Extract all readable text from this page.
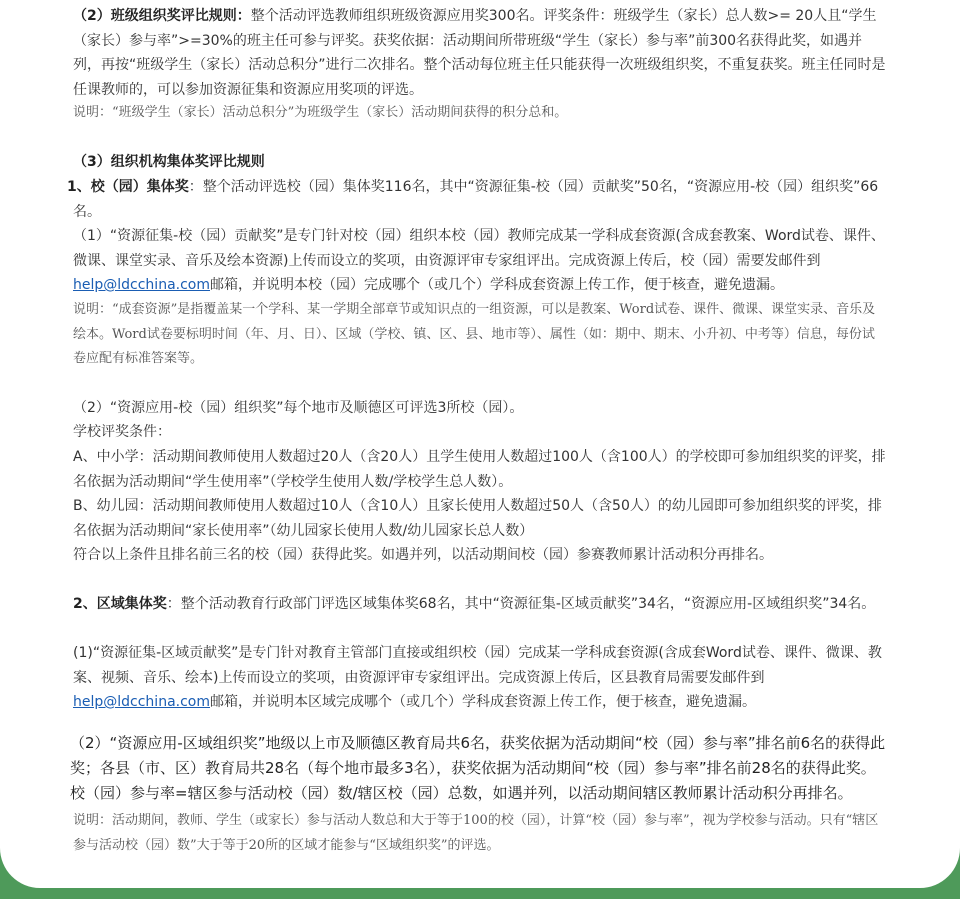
（2）班级组织奖评比规则：整个活动评选教师组织班级资源应用奖300名。评奖条件：班级学生（家长）总人数>= 20人且“学生（家长）参与率”>=30%的班主任可参与评奖。获奖依据：活动期间所带班级“学生（家长）参与率”前300名获得此奖，如遇并列，再按“班级学生（家长）活动总积分”进行二次排名。整个活动每位班主任只能获得一次班级组织奖，不重复获奖。班主任同时是任课教师的，可以参加资源征集和资源应用奖项的评选。

说明：“班级学生（家长）活动总积分”为班级学生（家长）活动期间获得的积分总和。

（3）组织机构集体奖评比规则

1、校（园）集体奖：整个活动评选校（园）集体奖116名，其中“资源征集-校（园）贡献奖”50名，“资源应用-校（园）组织奖”66名。

（1）“资源征集-校（园）贡献奖”是专门针对校（园）组织本校（园）教师完成某一学科成套资源(含成套教案、Word试卷、课件、微课、课堂实录、音乐及绘本资源)上传而设立的奖项，由资源评审专家组评出。完成资源上传后，校（园）需要发邮件到help@ldcchina.com邮箱，并说明本校（园）完成哪个（或几个）学科成套资源上传工作，便于核查，避免遗漏。

说明：“成套资源”是指覆盖某一个学科、某一学期全部章节或知识点的一组资源，可以是教案、Word试卷、课件、微课、课堂实录、音乐及绘本。Word试卷要标明时间（年、月、日）、区域（学校、镇、区、县、地市等）、属性（如：期中、期末、小升初、中考等）信息，每份试卷应配有标准答案等。

（2）“资源应用-校（园）组织奖”每个地市及顺德区可评选3所校（园）。

学校评奖条件：

A、中小学：活动期间教师使用人数超过20人（含20人）且学生使用人数超过100人（含100人）的学校即可参加组织奖的评奖，排名依据为活动期间“学生使用率”（学校学生使用人数/学校学生总人数）。

B、幼儿园：活动期间教师使用人数超过10人（含10人）且家长使用人数超过50人（含50人）的幼儿园即可参加组织奖的评奖，排名依据为活动期间“家长使用率”（幼儿园家长使用人数/幼儿园家长总人数）

符合以上条件且排名前三名的校（园）获得此奖。如遇并列，以活动期间校（园）参赛教师累计活动积分再排名。

2、区域集体奖：整个活动教育行政部门评选区域集体奖68名，其中“资源征集-区域贡献奖”34名，“资源应用-区域组织奖”34名。

(1)“资源征集-区域贡献奖”是专门针对教育主管部门直接或组织校（园）完成某一学科成套资源(含成套Word试卷、课件、微课、教案、视频、音乐、绘本)上传而设立的奖项，由资源评审专家组评出。完成资源上传后，区县教育局需要发邮件到help@ldcchina.com邮箱，并说明本区域完成哪个（或几个）学科成套资源上传工作，便于核查，避免遗漏。

（2）“资源应用-区域组织奖”地级以上市及顺德区教育局共6名，获奖依据为活动期间“校（园）参与率”排名前6名的获得此奖；各县（市、区）教育局共28名（每个地市最多3名），获奖依据为活动期间“校（园）参与率”排名前28名的获得此奖。校（园）参与率=辖区参与活动校（园）数/辖区校（园）总数，如遇并列，以活动期间辖区教师累计活动积分再排名。

说明：活动期间，教师、学生（或家长）参与活动人数总和大于等于100的校（园），计算“校（园）参与率”，视为学校参与活动。只有“辖区参与活动校（园）数”大于等于20所的区域才能参与“区域组织奖”的评选。
